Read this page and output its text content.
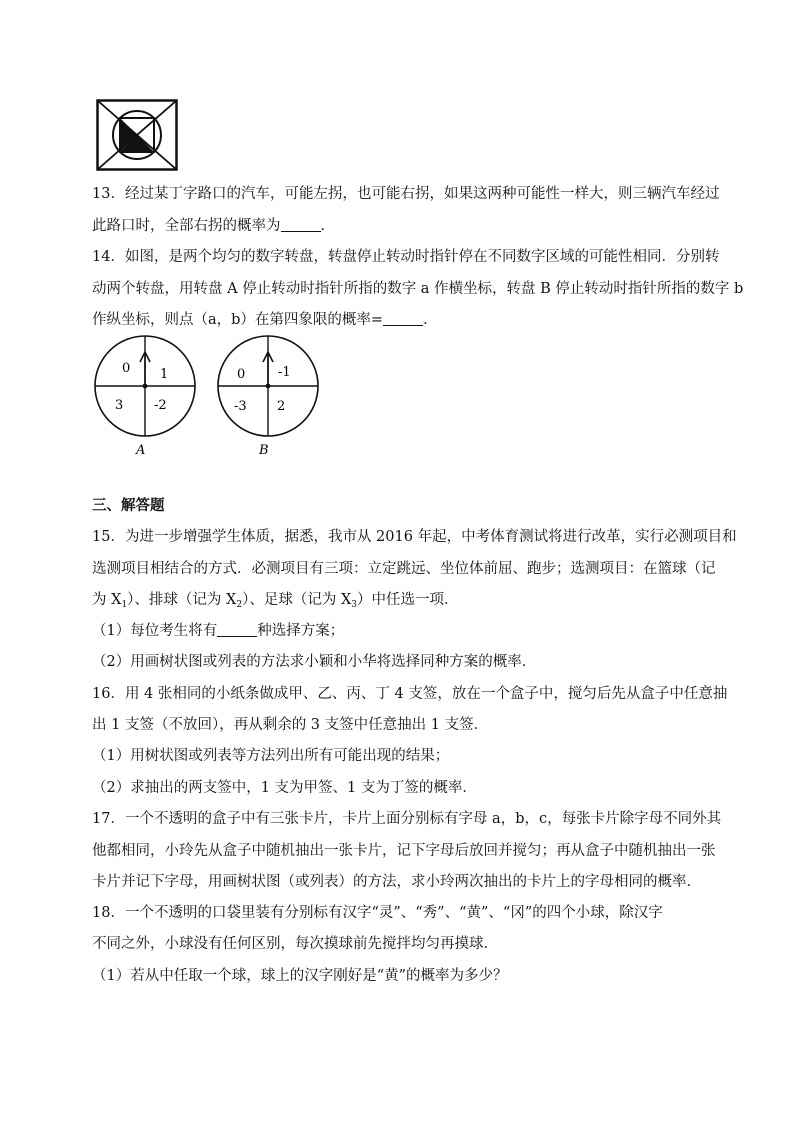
13．经过某丁字路口的汽车，可能左拐，也可能右拐，如果这两种可能性一样大，则三辆汽车经过
此路口时，全部右拐的概率为	．
14．如图，是两个均匀的数字转盘，转盘停止转动时指针停在不同数字区域的可能性相同．分别转
动两个转盘，用转盘 A 停止转动时指针所指的数字 a 作横坐标，转盘 B 停止转动时指针所指的数字 b
作纵坐标，则点（a，b）在第四象限的概率=	．
0 1
3 -2
A
0	-1
-3 2
B
三、解答题
15．为进一步增强学生体质，据悉，我市从 2016 年起，中考体育测试将进行改革，实行必测项目和
选测项目相结合的方式．必测项目有三项：立定跳远、坐位体前屈、跑步；选测项目：在篮球（记
为 $X_1$）、排球（记为 $X_2$）、足球（记为 $X_3$）中任选一项．
（1）每位考生将有	种选择方案；
（2）用画树状图或列表的方法求小颖和小华将选择同种方案的概率．
16．用 4 张相同的小纸条做成甲、乙、丙、丁 4 支签，放在一个盒子中，搅匀后先从盒子中任意抽
出 1 支签（不放回），再从剩余的 3 支签中任意抽出 1 支签．
（1）用树状图或列表等方法列出所有可能出现的结果；
（2）求抽出的两支签中，1 支为甲签、1 支为丁签的概率．
17．一个不透明的盒子中有三张卡片，卡片上面分别标有字母 a，b，c，每张卡片除字母不同外其
他都相同，小玲先从盒子中随机抽出一张卡片，记下字母后放回并搅匀；再从盒子中随机抽出一张
卡片并记下字母，用画树状图（或列表）的方法，求小玲两次抽出的卡片上的字母相同的概率．
18．一个不透明的口袋里装有分别标有汉字“灵”、“秀”、“黄”、“冈”的四个小球，除汉字
不同之外，小球没有任何区别，每次摸球前先搅拌均匀再摸球．
（1）若从中任取一个球，球上的汉字刚好是“黄”的概率为多少？
